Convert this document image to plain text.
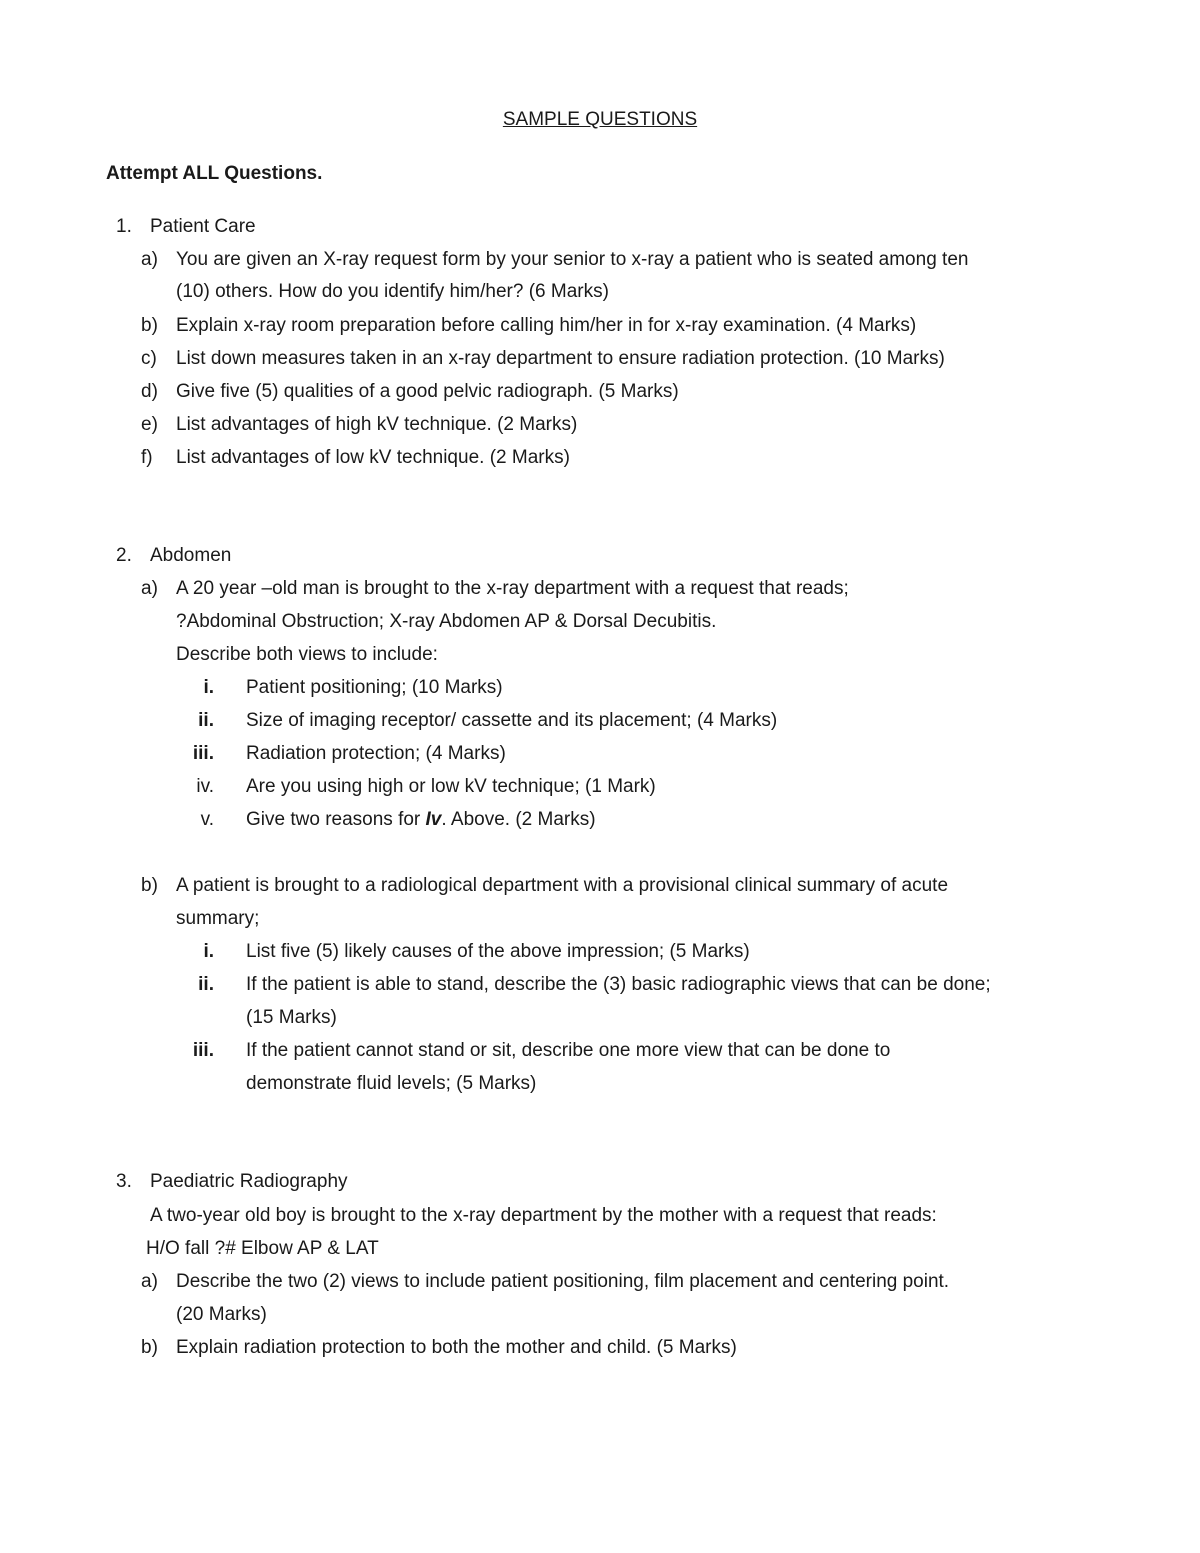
SAMPLE QUESTIONS
Attempt ALL Questions.
1. Patient Care
a) You are given an X-ray request form by your senior to x-ray a patient who is seated among ten
(10) others. How do you identify him/her? (6 Marks)
b) Explain x-ray room preparation before calling him/her in for x-ray examination. (4 Marks)
c) List down measures taken in an x-ray department to ensure radiation protection. (10 Marks)
d) Give five (5) qualities of a good pelvic radiograph. (5 Marks)
e) List advantages of high kV technique. (2 Marks)
f) List advantages of low kV technique. (2 Marks)
2. Abdomen
a) A 20 year –old man is brought to the x-ray department with a request that reads;
?Abdominal Obstruction; X-ray Abdomen AP & Dorsal Decubitis.
Describe both views to include:
i. Patient positioning; (10 Marks)
ii. Size of imaging receptor/ cassette and its placement; (4 Marks)
iii. Radiation protection; (4 Marks)
iv. Are you using high or low kV technique; (1 Mark)
v. Give two reasons for Iv. Above. (2 Marks)
b) A patient is brought to a radiological department with a provisional clinical summary of acute
summary;
i. List five (5) likely causes of the above impression; (5 Marks)
ii. If the patient is able to stand, describe the (3) basic radiographic views that can be done;
(15 Marks)
iii. If the patient cannot stand or sit, describe one more view that can be done to
demonstrate fluid levels; (5 Marks)
3. Paediatric Radiography
A two-year old boy is brought to the x-ray department by the mother with a request that reads:
H/O fall ?# Elbow AP & LAT
a) Describe the two (2) views to include patient positioning, film placement and centering point.
(20 Marks)
b) Explain radiation protection to both the mother and child. (5 Marks)
